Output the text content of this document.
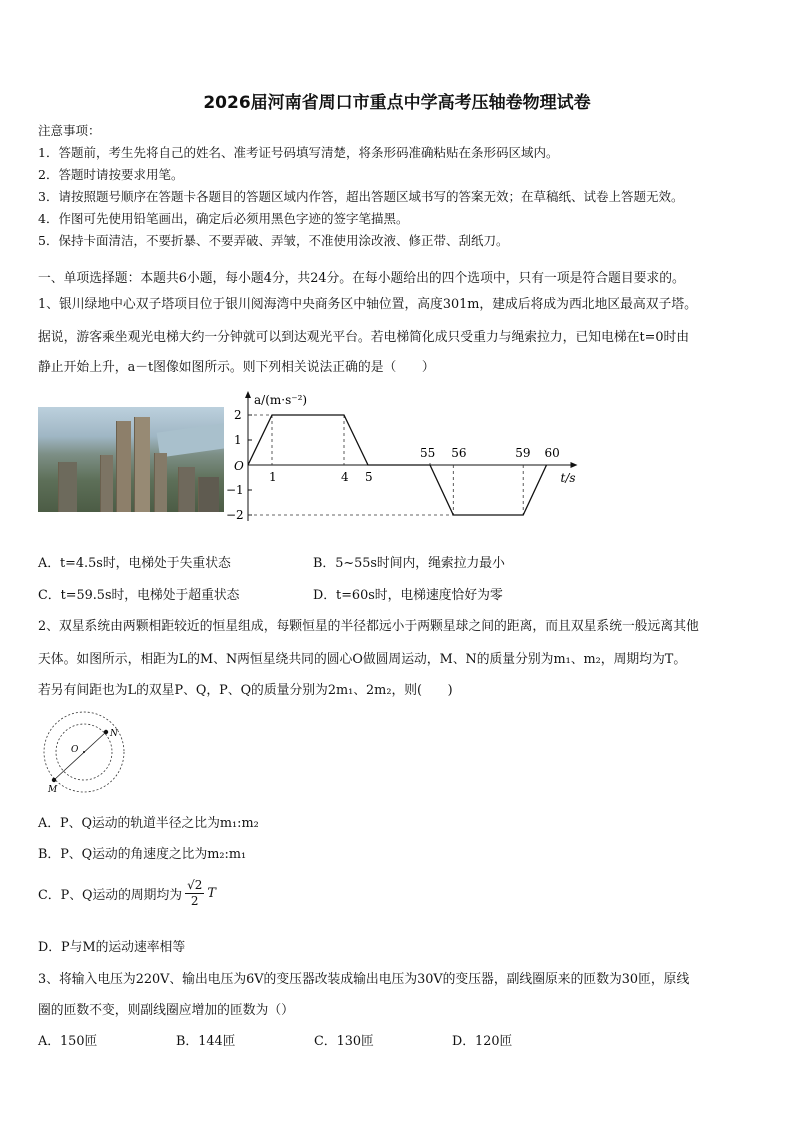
2026届河南省周口市重点中学高考压轴卷物理试卷
注意事项：
1．答题前，考生先将自己的姓名、准考证号码填写清楚，将条形码准确粘贴在条形码区域内。
2．答题时请按要求用笔。
3．请按照题号顺序在答题卡各题目的答题区域内作答，超出答题区域书写的答案无效；在草稿纸、试卷上答题无效。
4．作图可先使用铅笔画出，确定后必须用黑色字迹的签字笔描黑。
5．保持卡面清洁，不要折暴、不要弄破、弄皱，不准使用涂改液、修正带、刮纸刀。
一、单项选择题：本题共6小题，每小题4分，共24分。在每小题给出的四个选项中，只有一项是符合题目要求的。
1、银川绿地中心双子塔项目位于银川阅海湾中央商务区中轴位置，高度301m，建成后将成为西北地区最高双子塔。
据说，游客乘坐观光电梯大约一分钟就可以到达观光平台。若电梯简化成只受重力与绳索拉力，已知电梯在t=0时由
静止开始上升，a－t图像如图所示。则下列相关说法正确的是（　　）
2
1
−1
−2
O
a/(m·s⁻²)
t/s
1	4 5
55 56	59 60
A．t=4.5s时，电梯处于失重状态	B．5~55s时间内，绳索拉力最小
C．t=59.5s时，电梯处于超重状态	D．t=60s时，电梯速度恰好为零
2、双星系统由两颗相距较近的恒星组成，每颗恒星的半径都远小于两颗星球之间的距离，而且双星系统一般远离其他
天体。如图所示，相距为L的M、N两恒星绕共同的圆心O做圆周运动，M、N的质量分别为m₁、m₂，周期均为T。
若另有间距也为L的双星P、Q，P、Q的质量分别为2m₁、2m₂，则(　　)
O
N
M
A．P、Q运动的轨道半径之比为m₁:m₂
B．P、Q运动的角速度之比为m₂:m₁
C．P、Q运动的周期均为 $\frac{√2}{2}$ T
D．P与M的运动速率相等
3、将输入电压为220V、输出电压为6V的变压器改装成输出电压为30V的变压器，副线圈原来的匝数为30匝，原线
圈的匝数不变，则副线圈应增加的匝数为（）
A．150匝	B．144匝	C．130匝	D．120匝
